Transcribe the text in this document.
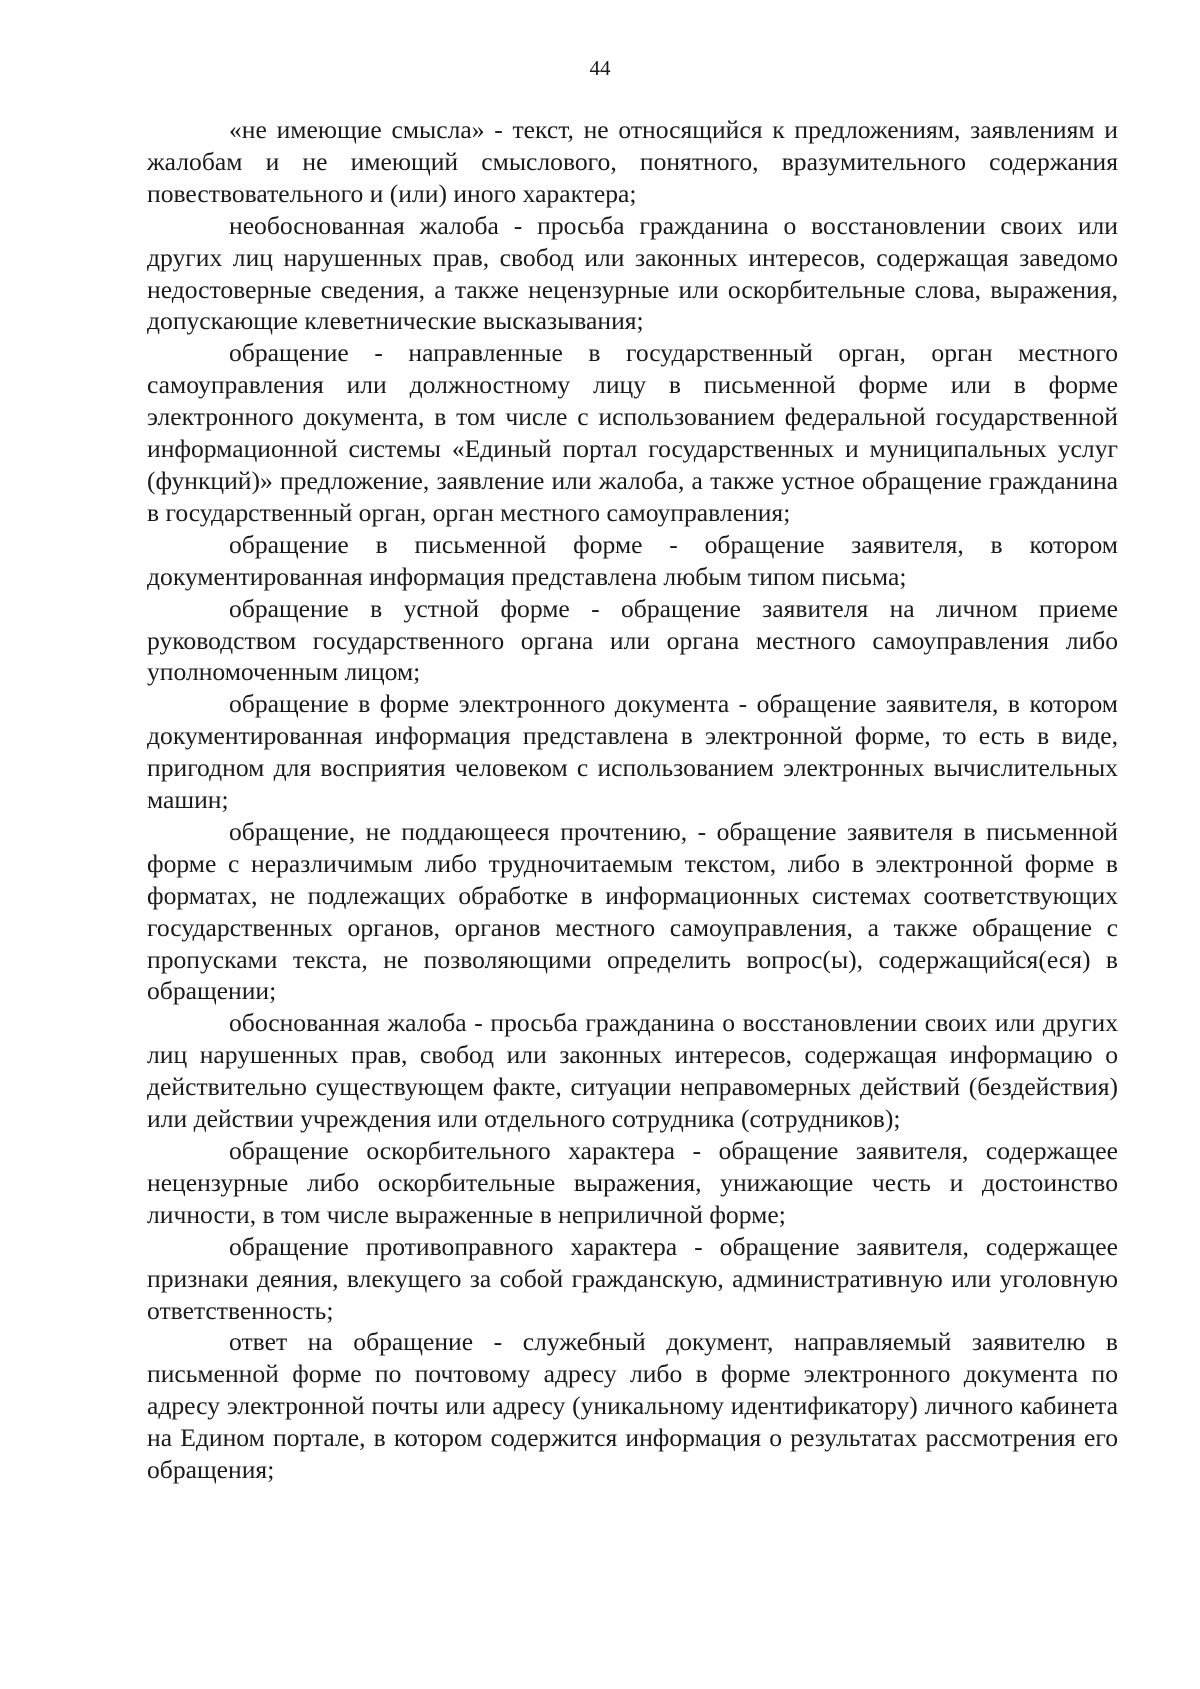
44

«не имеющие смысла» - текст, не относящийся к предложениям, заявлениям и жалобам и не имеющий смыслового, понятного, вразумительного содержания повествовательного и (или) иного характера;

необоснованная жалоба - просьба гражданина о восстановлении своих или других лиц нарушенных прав, свобод или законных интересов, содержащая заведомо недостоверные сведения, а также нецензурные или оскорбительные слова, выражения, допускающие клеветнические высказывания;

обращение - направленные в государственный орган, орган местного самоуправления или должностному лицу в письменной форме или в форме электронного документа, в том числе с использованием федеральной государственной информационной системы «Единый портал государственных и муниципальных услуг (функций)» предложение, заявление или жалоба, а также устное обращение гражданина в государственный орган, орган местного самоуправления;

обращение в письменной форме - обращение заявителя, в котором документированная информация представлена любым типом письма;

обращение в устной форме - обращение заявителя на личном приеме руководством государственного органа или органа местного самоуправления либо уполномоченным лицом;

обращение в форме электронного документа - обращение заявителя, в котором документированная информация представлена в электронной форме, то есть в виде, пригодном для восприятия человеком с использованием электронных вычислительных машин;

обращение, не поддающееся прочтению, - обращение заявителя в письменной форме с неразличимым либо трудночитаемым текстом, либо в электронной форме в форматах, не подлежащих обработке в информационных системах соответствующих государственных органов, органов местного самоуправления, а также обращение с пропусками текста, не позволяющими определить вопрос(ы), содержащийся(еся) в обращении;

обоснованная жалоба - просьба гражданина о восстановлении своих или других лиц нарушенных прав, свобод или законных интересов, содержащая информацию о действительно существующем факте, ситуации неправомерных действий (бездействия) или действии учреждения или отдельного сотрудника (сотрудников);

обращение оскорбительного характера - обращение заявителя, содержащее нецензурные либо оскорбительные выражения, унижающие честь и достоинство личности, в том числе выраженные в неприличной форме;

обращение противоправного характера - обращение заявителя, содержащее признаки деяния, влекущего за собой гражданскую, административную или уголовную ответственность;

ответ на обращение - служебный документ, направляемый заявителю в письменной форме по почтовому адресу либо в форме электронного документа по адресу электронной почты или адресу (уникальному идентификатору) личного кабинета на Едином портале, в котором содержится информация о результатах рассмотрения его обращения;
